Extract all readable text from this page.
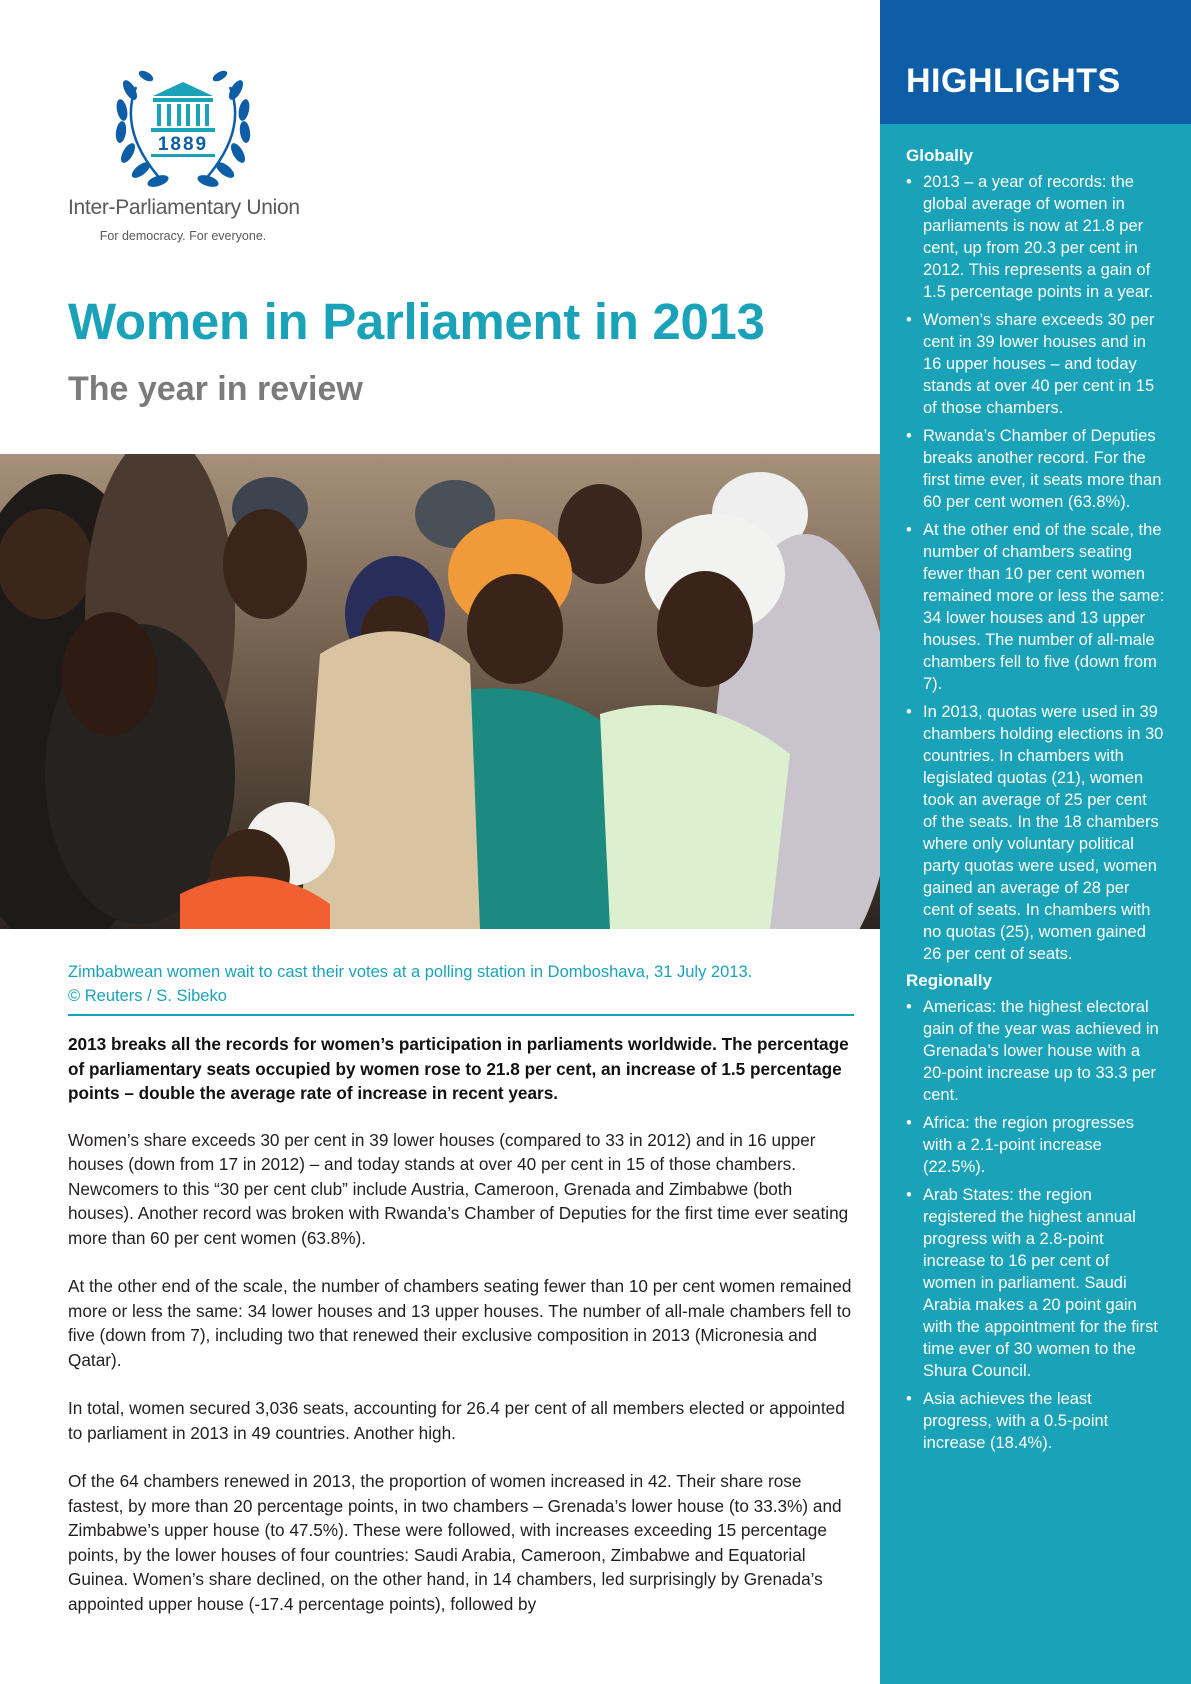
1889
Inter-Parliamentary Union
For democracy. For everyone.
Women in Parliament in 2013
The year in review

Zimbabwean women wait to cast their votes at a polling station in Domboshava, 31 July 2013.

© Reuters / S. Sibeko

2013 breaks all the records for women’s participation in parliaments worldwide. The percentage of parliamentary seats occupied by women rose to 21.8 per cent, an increase of 1.5 percentage points – double the average rate of increase in recent years.

Women’s share exceeds 30 per cent in 39 lower houses (compared to 33 in 2012) and in 16 upper houses (down from 17 in 2012) – and today stands at over 40 per cent in 15 of those chambers. Newcomers to this “30 per cent club” include Austria, Cameroon, Grenada and Zimbabwe (both houses). Another record was broken with Rwanda’s Chamber of Deputies for the first time ever seating more than 60 per cent women (63.8%).

At the other end of the scale, the number of chambers seating fewer than 10 per cent women remained more or less the same: 34 lower houses and 13 upper houses. The number of all-male chambers fell to five (down from 7), including two that renewed their exclusive composition in 2013 (Micronesia and Qatar).

In total, women secured 3,036 seats, accounting for 26.4 per cent of all members elected or appointed to parliament in 2013 in 49 countries. Another high.

Of the 64 chambers renewed in 2013, the proportion of women increased in 42. Their share rose fastest, by more than 20 percentage points, in two chambers – Grenada’s lower house (to 33.3%) and Zimbabwe’s upper house (to 47.5%). These were followed, with increases exceeding 15 percentage points, by the lower houses of four countries: Saudi Arabia, Cameroon, Zimbabwe and Equatorial Guinea. Women’s share declined, on the other hand, in 14 chambers, led surprisingly by Grenada’s appointed upper house (-17.4 percentage points), followed by

HIGHLIGHTS
Globally
• 2013 – a year of records: the global average of women in parliaments is now at 21.8 per cent, up from 20.3 per cent in 2012. This represents a gain of 1.5 percentage points in a year.
• Women’s share exceeds 30 per cent in 39 lower houses and in 16 upper houses – and today stands at over 40 per cent in 15 of those chambers.
• Rwanda’s Chamber of Deputies breaks another record. For the first time ever, it seats more than 60 per cent women (63.8%).
• At the other end of the scale, the number of chambers seating fewer than 10 per cent women remained more or less the same: 34 lower houses and 13 upper houses. The number of all-male chambers fell to five (down from 7).
• In 2013, quotas were used in 39 chambers holding elections in 30 countries. In chambers with legislated quotas (21), women took an average of 25 per cent of the seats. In the 18 chambers where only voluntary political party quotas were used, women gained an average of 28 per cent of seats. In chambers with no quotas (25), women gained 26 per cent of seats.
Regionally
• Americas: the highest electoral gain of the year was achieved in Grenada’s lower house with a 20-point increase up to 33.3 per cent.
• Africa: the region progresses with a 2.1-point increase (22.5%).
• Arab States: the region registered the highest annual progress with a 2.8-point increase to 16 per cent of women in parliament. Saudi Arabia makes a 20 point gain with the appointment for the first time ever of 30 women to the Shura Council.
• Asia achieves the least progress, with a 0.5-point increase (18.4%).
